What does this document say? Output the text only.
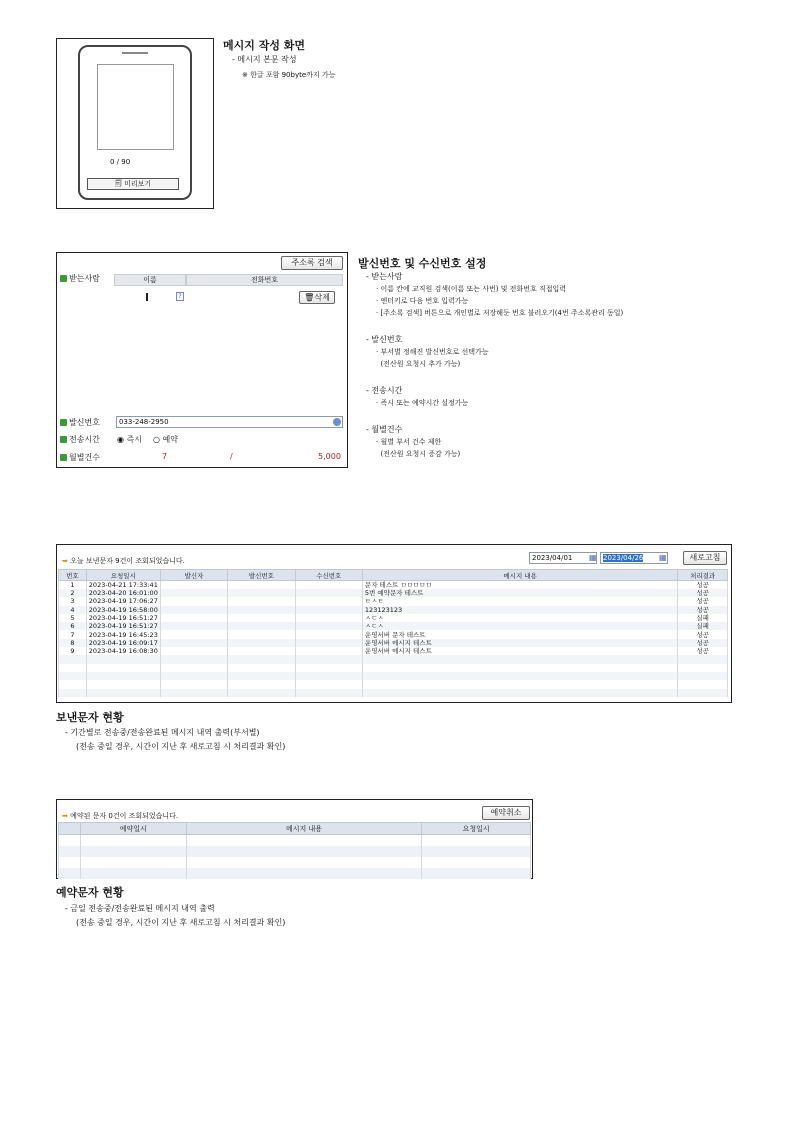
0 / 90
🗐 미리보기
메시지 작성 화면
- 메시지 본문 작성
※ 한글 포함 90byte까지 가능
주소록 검색
받는사람	이름	전화번호
?	🗑삭제
발신번호	033-248-2950
전송시간 ◉ 즉시 ○ 예약
월별건수	7	/	5,000
발신번호 및 수신번호 설정
- 받는사람
· 이름 칸에 교직원 검색(이름 또는 사번) 및 전화번호 직접입력
· 엔터키로 다음 번호 입력가능
· [주소록 검색] 버튼으로 개인별로 저장해둔 번호 불러오기(4번 주소록관리 동일)
- 발신번호
· 부서별 정해진 발신번호로 선택가능
(전산원 요청시 추가 가능)
- 전송시간
· 즉시 또는 예약시간 설정가능
- 월별건수
· 월별 부서 건수 제한
(전산원 요청시 증감 가능)
➡ 오늘 보낸문자 9건이 조회되었습니다.	2023/04/01	▦ 2023/04/26	▦	새로고침
번호	요청일시	발신자	발신번호	수신번호	메시지 내용	처리결과
1	2023-04-21 17:33:41				문자 테스트 ㅁㅁㅁㅁㅁ	성공
2	2023-04-20 16:01:00				5번 예약문자 테스트	성공
3	2023-04-19 17:06:27				ㅌㅅㅌ	성공
4	2023-04-19 16:58:00				123123123	성공
5	2023-04-19 16:51:27				ㅅㄷㅅ	실패
6	2023-04-19 16:51:27				ㅅㄷㅅ	실패
7	2023-04-19 16:45:23				운영서버 문자 테스트	성공
8	2023-04-19 16:09:17				운영서버 메시지 테스트	성공
9	2023-04-19 16:08:30				운영서버 메시지 테스트	성공

보낸문자 현황
- 기간별로 전송중/전송완료된 메시지 내역 출력(부서별)
(전송 중일 경우, 시간이 지난 후 새로고침 시 처리결과 확인)
➡ 예약된 문자 0건이 조회되었습니다.	예약취소
	예약일시	메시지 내용	요청일시

예약문자 현황
- 금일 전송중/전송완료된 메시지 내역 출력
(전송 중일 경우, 시간이 지난 후 새로고침 시 처리결과 확인)
